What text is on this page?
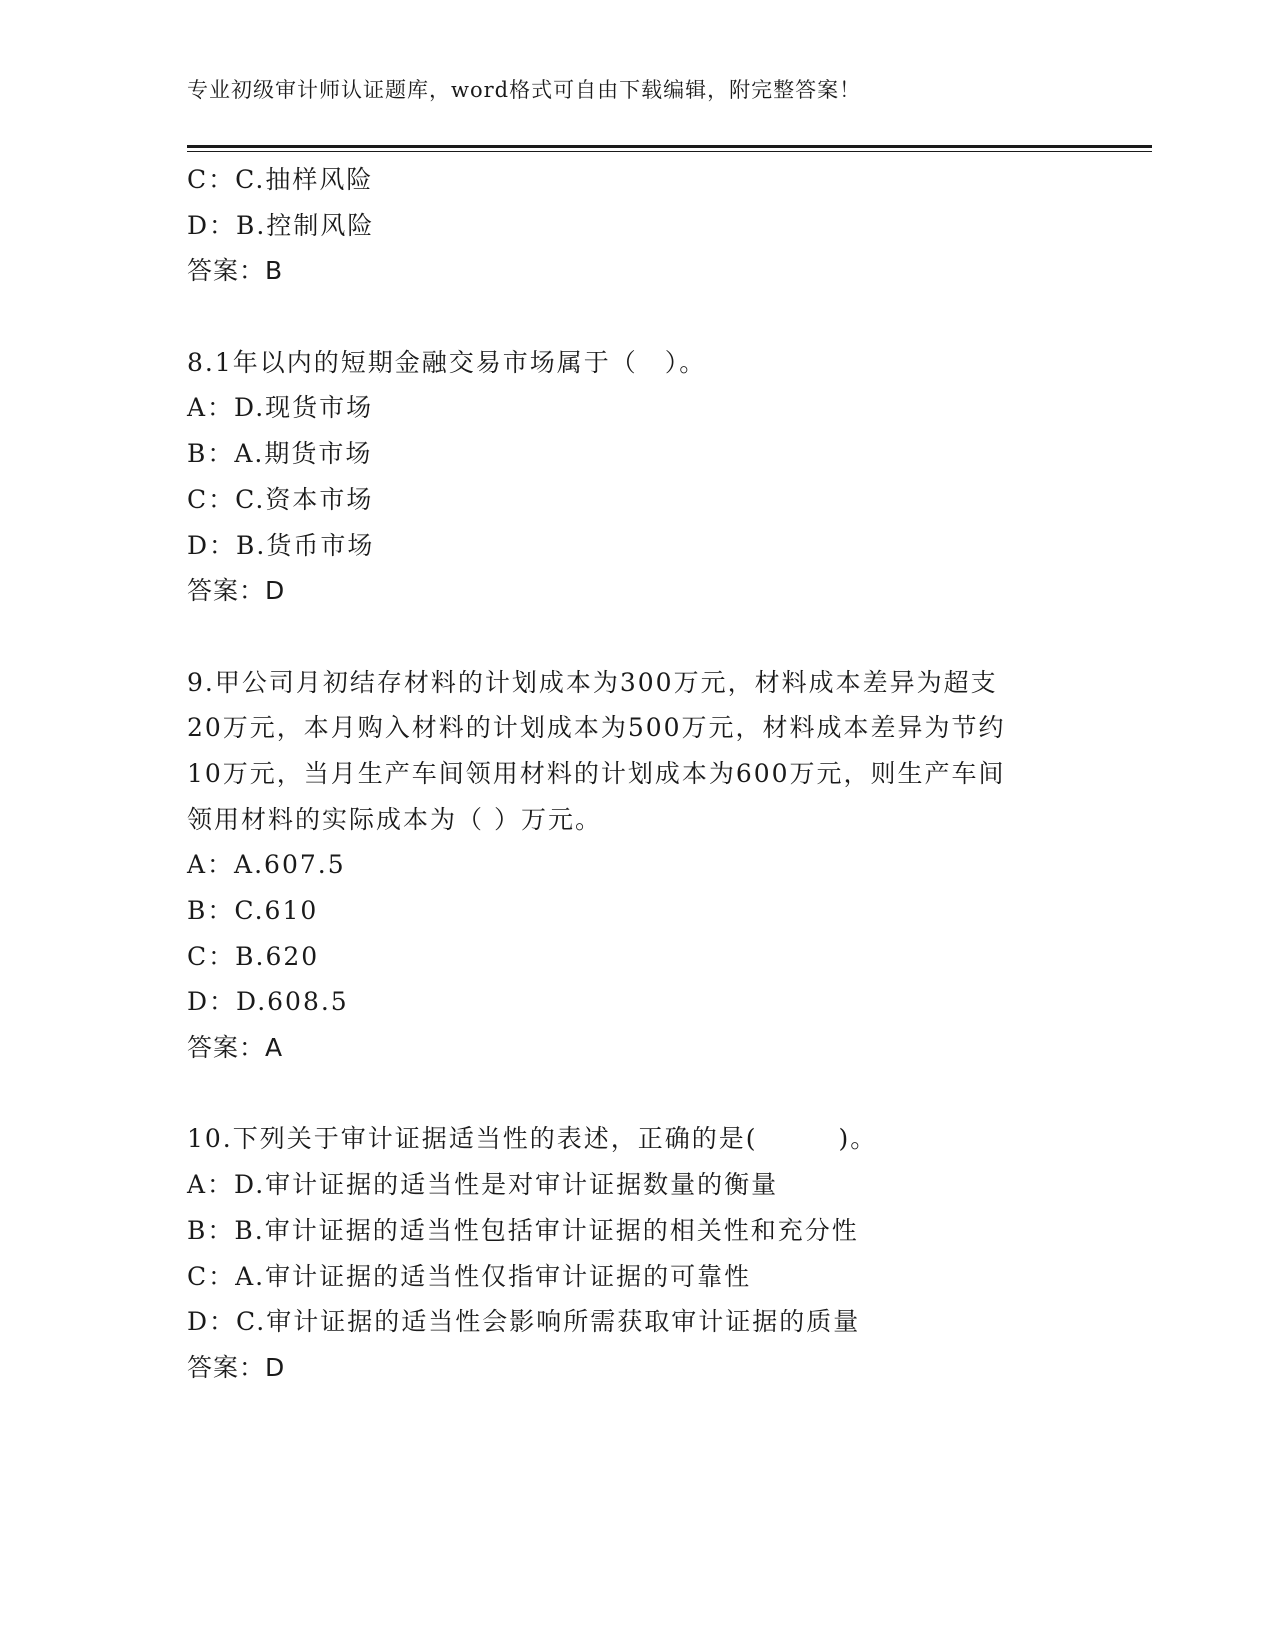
专业初级审计师认证题库，word格式可自由下载编辑，附完整答案！
C：C.抽样风险
D：B.控制风险
答案：B
8.1年以内的短期金融交易市场属于（　）。
A：D.现货市场
B：A.期货市场
C：C.资本市场
D：B.货币市场
答案：D
9.甲公司月初结存材料的计划成本为300万元，材料成本差异为超支
20万元，本月购入材料的计划成本为500万元，材料成本差异为节约
10万元，当月生产车间领用材料的计划成本为600万元，则生产车间
领用材料的实际成本为（ ）万元。
A：A.607.5
B：C.610
C：B.620
D：D.608.5
答案：A
10.下列关于审计证据适当性的表述，正确的是(　　　)。
A：D.审计证据的适当性是对审计证据数量的衡量
B：B.审计证据的适当性包括审计证据的相关性和充分性
C：A.审计证据的适当性仅指审计证据的可靠性
D：C.审计证据的适当性会影响所需获取审计证据的质量
答案：D
